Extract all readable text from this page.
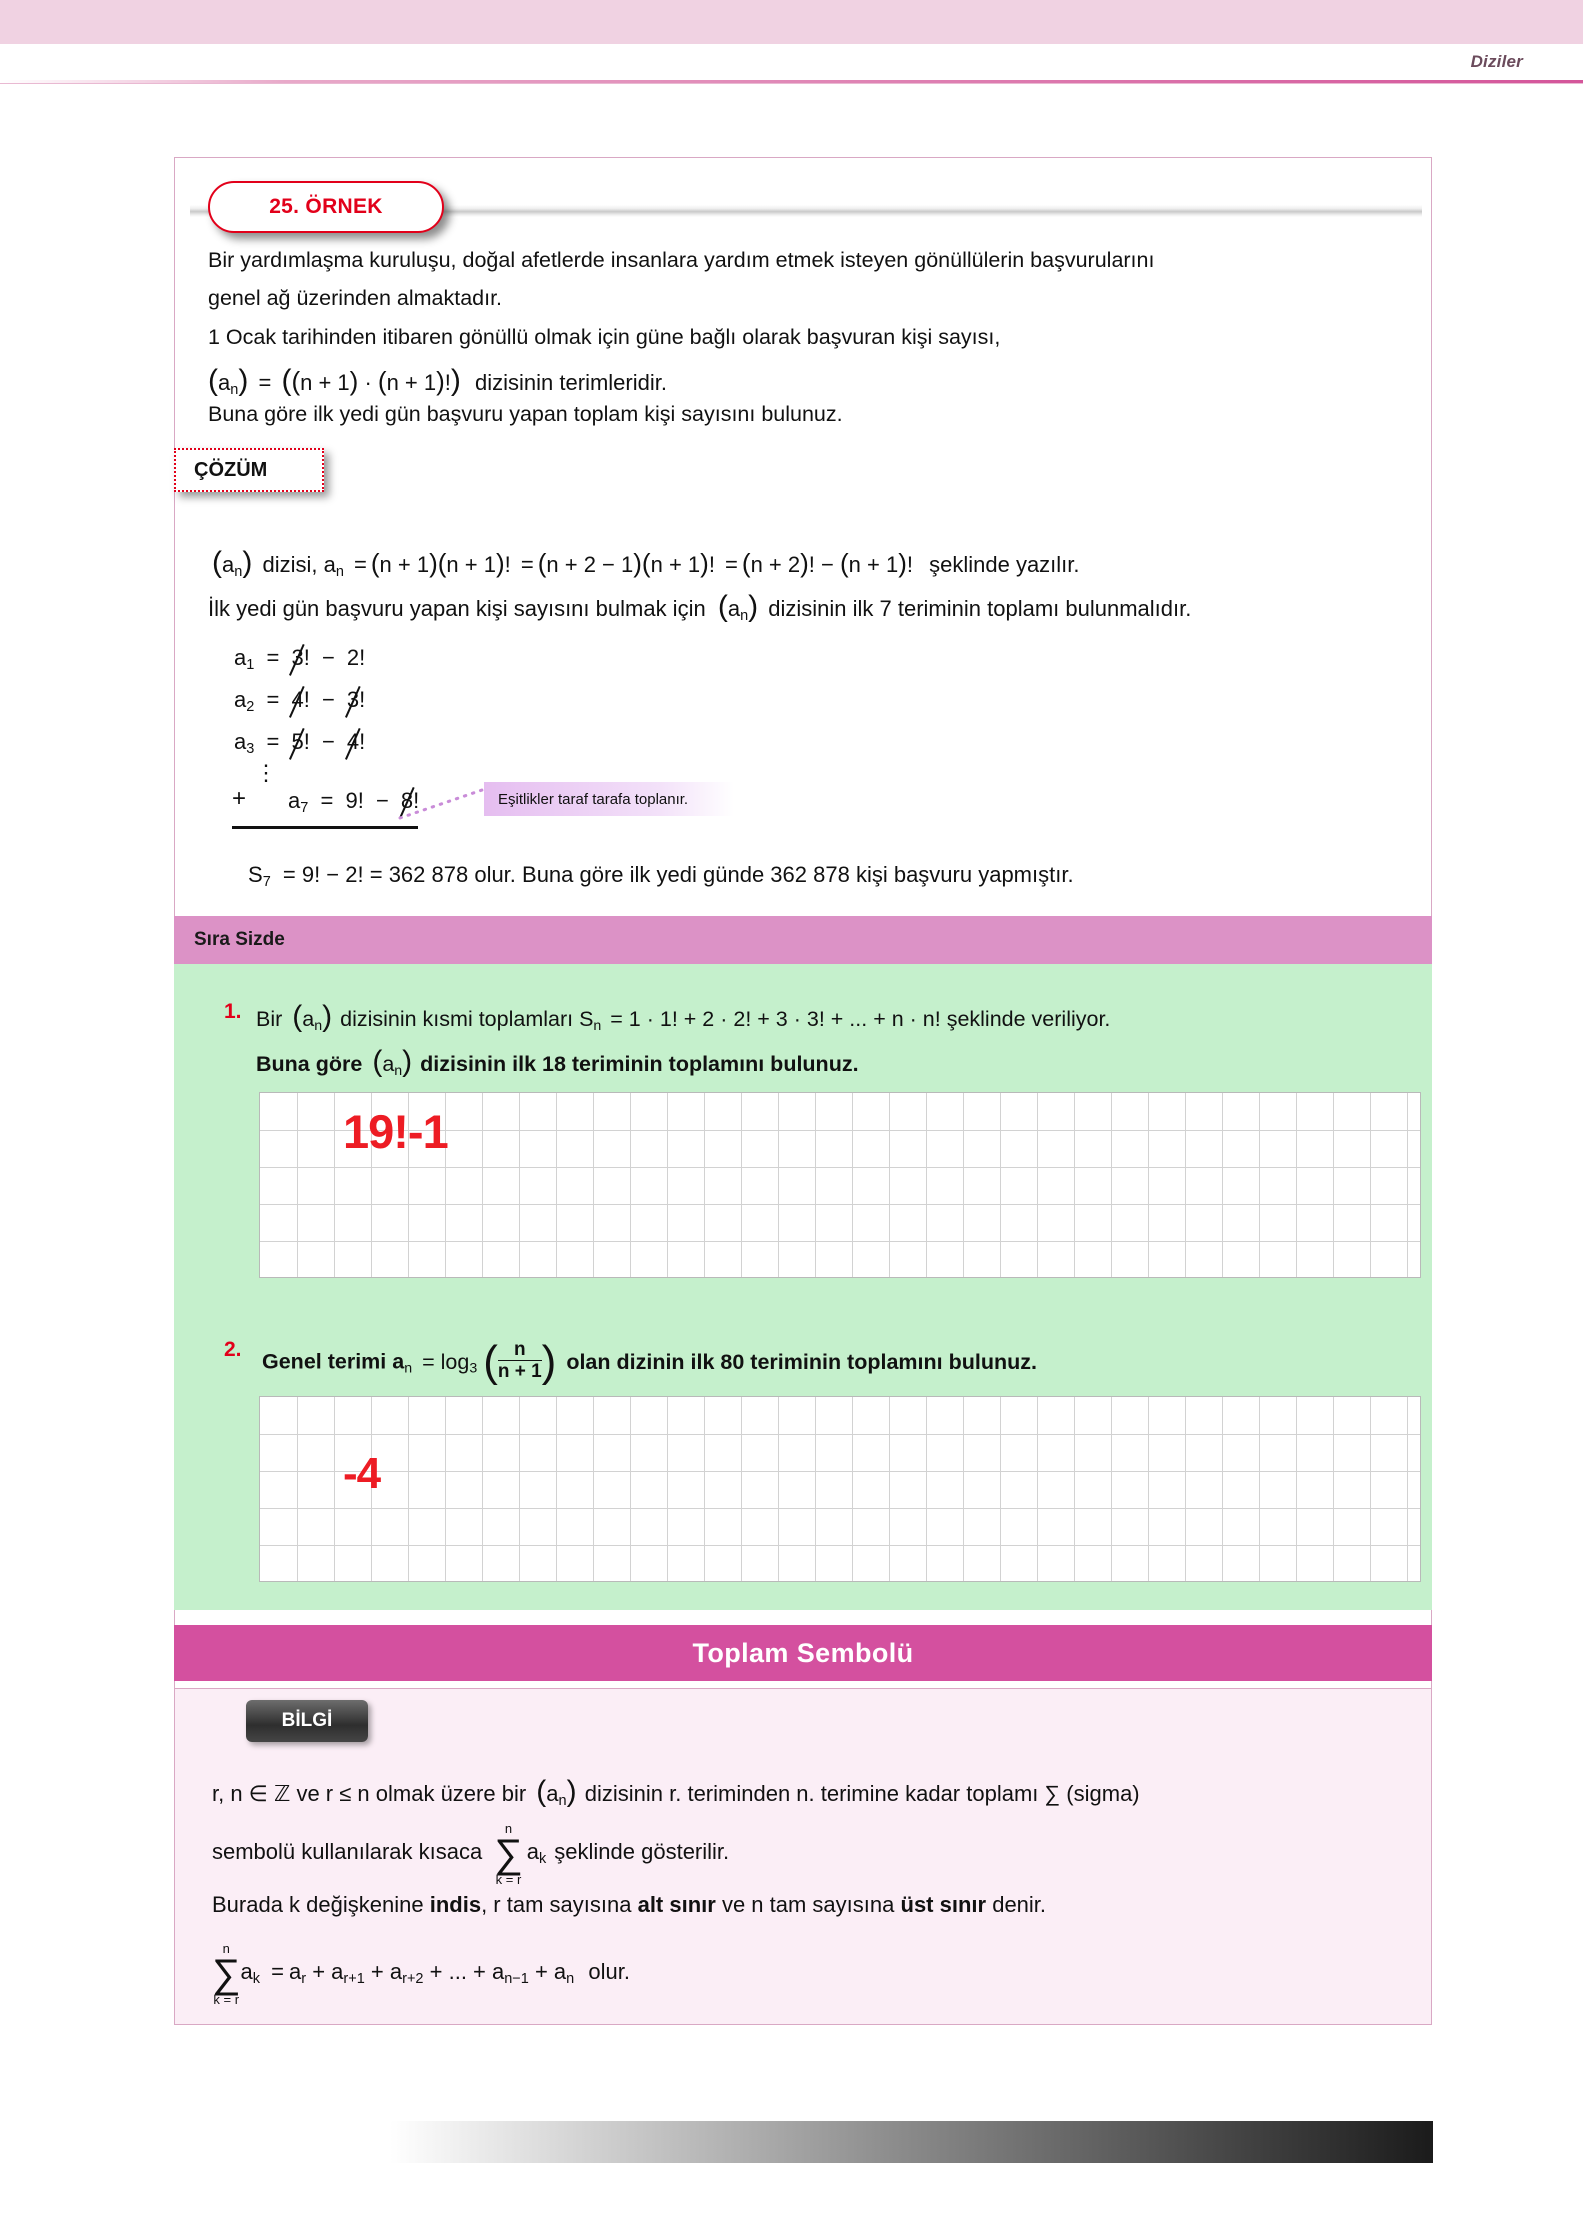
Diziler
25. ÖRNEK
Bir yardımlaşma kuruluşu, doğal afetlerde insanlara yardım etmek isteyen gönüllülerin başvurularını
genel ağ üzerinden almaktadır.
1 Ocak tarihinden itibaren gönüllü olmak için güne bağlı olarak başvuran kişi sayısı,
$(a_n) = ((n + 1) \cdot (n + 1)!)$ dizisinin terimleridir.
Buna göre ilk yedi gün başvuru yapan toplam kişi sayısını bulunuz.
ÇÖZÜM
$(a_n)$ dizisi, $a_n = (n + 1)(n + 1)$! = (n + 2 − 1)(n + 1)! = (n + 2)! − (n + 1)! şeklinde yazılır.
İlk yedi gün başvuru yapan kişi sayısını bulmak için $(a_n)$ dizisinin ilk 7 teriminin toplamı bulunmalıdır.
$a_1 = 3$! − 2!
$a_2 = 4$! − 3!
$a_3 = 5$! − 4!
⋮
+ $a_7 = 9$! − 8!	Eşitlikler taraf tarafa toplanır.
$S_7 = 9$! − 2! = 362 878 olur. Buna göre ilk yedi günde 362 878 kişi başvuru yapmıştır.
Sıra Sizde
1. Bir $(a_n)$ dizisinin kısmi toplamları $S_n = 1 \cdot 1$! + 2 · 2! + 3 · 3! + ... + n · n! şeklinde veriliyor.
Buna göre $(a_n)$ dizisinin ilk 18 teriminin toplamını bulunuz.
19!-1
2.
Genel terimi $a_n = \log_3$ ( $\frac{n}{n + 1}$ ) olan dizinin ilk 80 teriminin toplamını bulunuz.
-4
Toplam Sembolü
BİLGİ
r, n ∈ ℤ ve r ≤ n olmak üzere bir $(a_n)$ dizisinin r. teriminden n. terimine kadar toplamı ∑ (sigma)
sembolü kullanılarak kısaca
n
∑
k = r
$a_k$ şeklinde gösterilir.
Burada k değişkenine indis, r tam sayısına alt sınır ve n tam sayısına üst sınır denir.
n
∑
k = r
$a_k = a_r + a_{r+1} + a_{r+2}$ + ... + $a_{n-1} + a_n$ olur.
95
